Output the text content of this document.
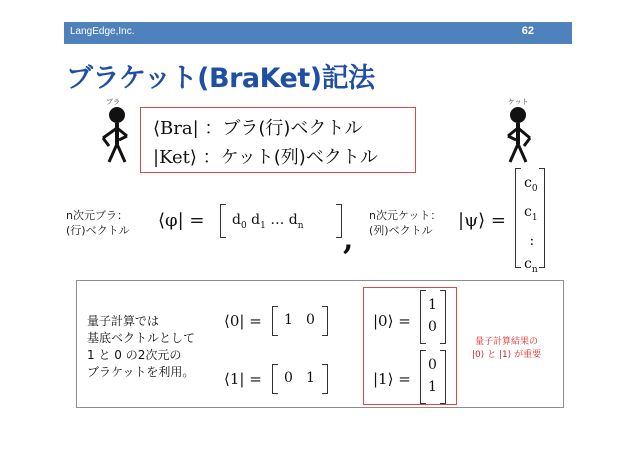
LangEdge,Inc.	62
ブラケット(BraKet)記法
ブラ	ケット
⟨Bra| ：ブラ(行)ベクトル
|Ket⟩ ：ケット(列)ベクトル
n次元ブラ：
(行)ベクトル ⟨φ| = $d_0$ $d_1$ … $d_n$ ,
n次元ケット：
(列)ベクトル	|ψ⟩ =
$c_0$
$c_1$
:
$c_n$
量子計算では
基底ベクトルとして
1 と 0 の2次元の
ブラケットを利用。
⟨0| = 1 0
⟨1| = 0 1
|0⟩ =
1
0
|1⟩ =
0
1
量子計算結果の
|0⟩ と |1⟩ が重要
